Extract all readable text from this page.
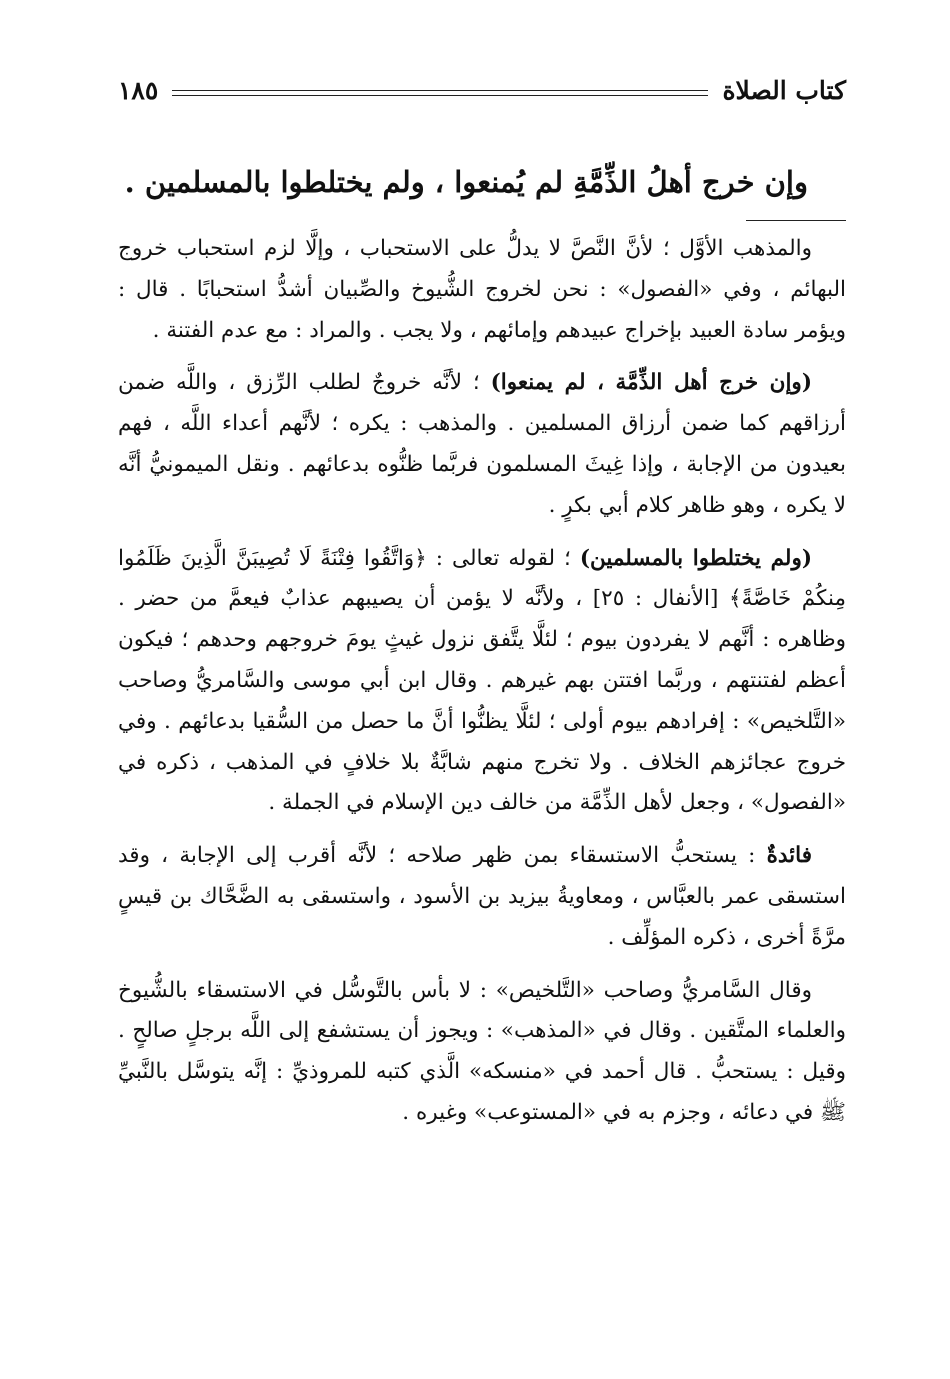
كتاب الصلاة
١٨٥
وإن خرج أهلُ الذِّمَّةِ لم يُمنعوا ، ولم يختلطوا بالمسلمين .

والمذهب الأوَّل ؛ لأنَّ النَّصَّ لا يدلُّ على الاستحباب ، وإلَّا لزم استحباب خروج البهائم ، وفي «الفصول» : نحن لخروج الشُّيوخ والصِّبيان أشدُّ استحبابًا . قال : ويؤمر سادة العبيد بإخراج عبيدهم وإمائهم ، ولا يجب . والمراد : مع عدم الفتنة .

(وإن خرج أهل الذِّمَّة ، لم يمنعوا) ؛ لأنَّه خروجٌ لطلب الرِّزق ، واللَّه ضمن أرزاقهم كما ضمن أرزاق المسلمين . والمذهب : يكره ؛ لأنَّهم أعداء اللَّه ، فهم بعيدون من الإجابة ، وإذا غِيثَ المسلمون فربَّما ظنُّوه بدعائهم . ونقل الميمونيُّ أنَّه لا يكره ، وهو ظاهر كلام أبي بكرٍ .

(ولم يختلطوا بالمسلمين) ؛ لقوله تعالى : ﴿وَاتَّقُوا فِتْنَةً لَا تُصِيبَنَّ الَّذِينَ ظَلَمُوا مِنكُمْ خَاصَّةً﴾ [الأنفال : ٢٥] ، ولأنَّه لا يؤمن أن يصيبهم عذابٌ فيعمَّ من حضر . وظاهره : أنَّهم لا يفردون بيوم ؛ لئلَّا يتَّفق نزول غيثٍ يومَ خروجهم وحدهم ؛ فيكون أعظم لفتنتهم ، وربَّما افتتن بهم غيرهم . وقال ابن أبي موسى والسَّامريُّ وصاحب «التَّلخيص» : إفرادهم بيوم أولى ؛ لئلَّا يظنُّوا أنَّ ما حصل من السُّقيا بدعائهم . وفي خروج عجائزهم الخلاف . ولا تخرج منهم شابَّةٌ بلا خلافٍ في المذهب ، ذكره في «الفصول» ، وجعل لأهل الذِّمَّة من خالف دين الإسلام في الجملة .

فائدةٌ : يستحبُّ الاستسقاء بمن ظهر صلاحه ؛ لأنَّه أقرب إلى الإجابة ، وقد استسقى عمر بالعبَّاس ، ومعاويةُ بيزيد بن الأسود ، واستسقى به الضَّحَّاك بن قيسٍ مرَّةً أخرى ، ذكره المؤلِّف .

وقال السَّامريُّ وصاحب «التَّلخيص» : لا بأس بالتَّوسُّل في الاستسقاء بالشُّيوخ والعلماء المتَّقين . وقال في «المذهب» : ويجوز أن يستشفع إلى اللَّه برجلٍ صالحٍ . وقيل : يستحبُّ . قال أحمد في «منسكه» الَّذي كتبه للمروذيِّ : إنَّه يتوسَّل بالنَّبيِّ ﷺ في دعائه ، وجزم به في «المستوعب» وغيره .
